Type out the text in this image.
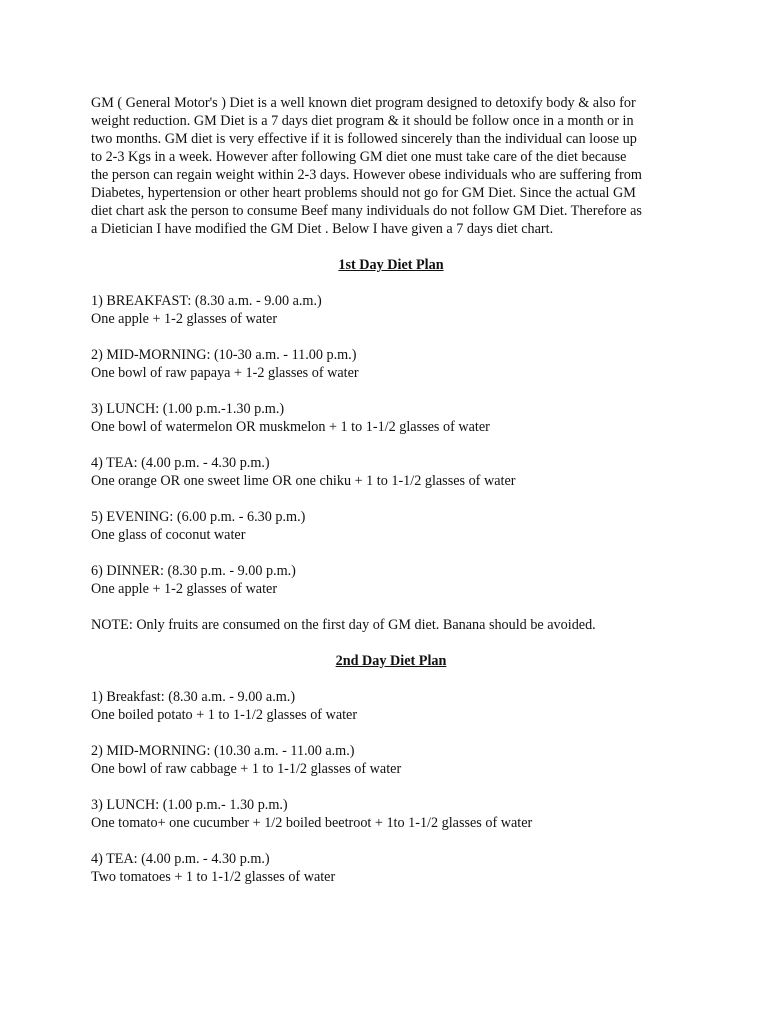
GM ( General Motor's ) Diet is a well known diet program designed to detoxify body & also for
weight reduction. GM Diet is a 7 days diet program & it should be follow once in a month or in
two months. GM diet is very effective if it is followed sincerely than the individual can loose up
to 2-3 Kgs in a week. However after following GM diet one must take care of the diet because
the person can regain weight within 2-3 days. However obese individuals who are suffering from
Diabetes, hypertension or other heart problems should not go for GM Diet. Since the actual GM
diet chart ask the person to consume Beef many individuals do not follow GM Diet. Therefore as
a Dietician I have modified the GM Diet . Below I have given a 7 days diet chart.

1st Day Diet Plan
1) BREAKFAST: (8.30 a.m. - 9.00 a.m.)
One apple + 1-2 glasses of water
2) MID-MORNING: (10-30 a.m. - 11.00 p.m.)
One bowl of raw papaya + 1-2 glasses of water
3) LUNCH: (1.00 p.m.-1.30 p.m.)
One bowl of watermelon OR muskmelon + 1 to 1-1/2 glasses of water
4) TEA: (4.00 p.m. - 4.30 p.m.)
One orange OR one sweet lime OR one chiku + 1 to 1-1/2 glasses of water
5) EVENING: (6.00 p.m. - 6.30 p.m.)
One glass of coconut water
6) DINNER: (8.30 p.m. - 9.00 p.m.)
One apple + 1-2 glasses of water
NOTE: Only fruits are consumed on the first day of GM diet. Banana should be avoided.
2nd Day Diet Plan
1) Breakfast: (8.30 a.m. - 9.00 a.m.)
One boiled potato + 1 to 1-1/2 glasses of water
2) MID-MORNING: (10.30 a.m. - 11.00 a.m.)
One bowl of raw cabbage + 1 to 1-1/2 glasses of water
3) LUNCH: (1.00 p.m.- 1.30 p.m.)
One tomato+ one cucumber + 1/2 boiled beetroot + 1to 1-1/2 glasses of water
4) TEA: (4.00 p.m. - 4.30 p.m.)
Two tomatoes + 1 to 1-1/2 glasses of water
